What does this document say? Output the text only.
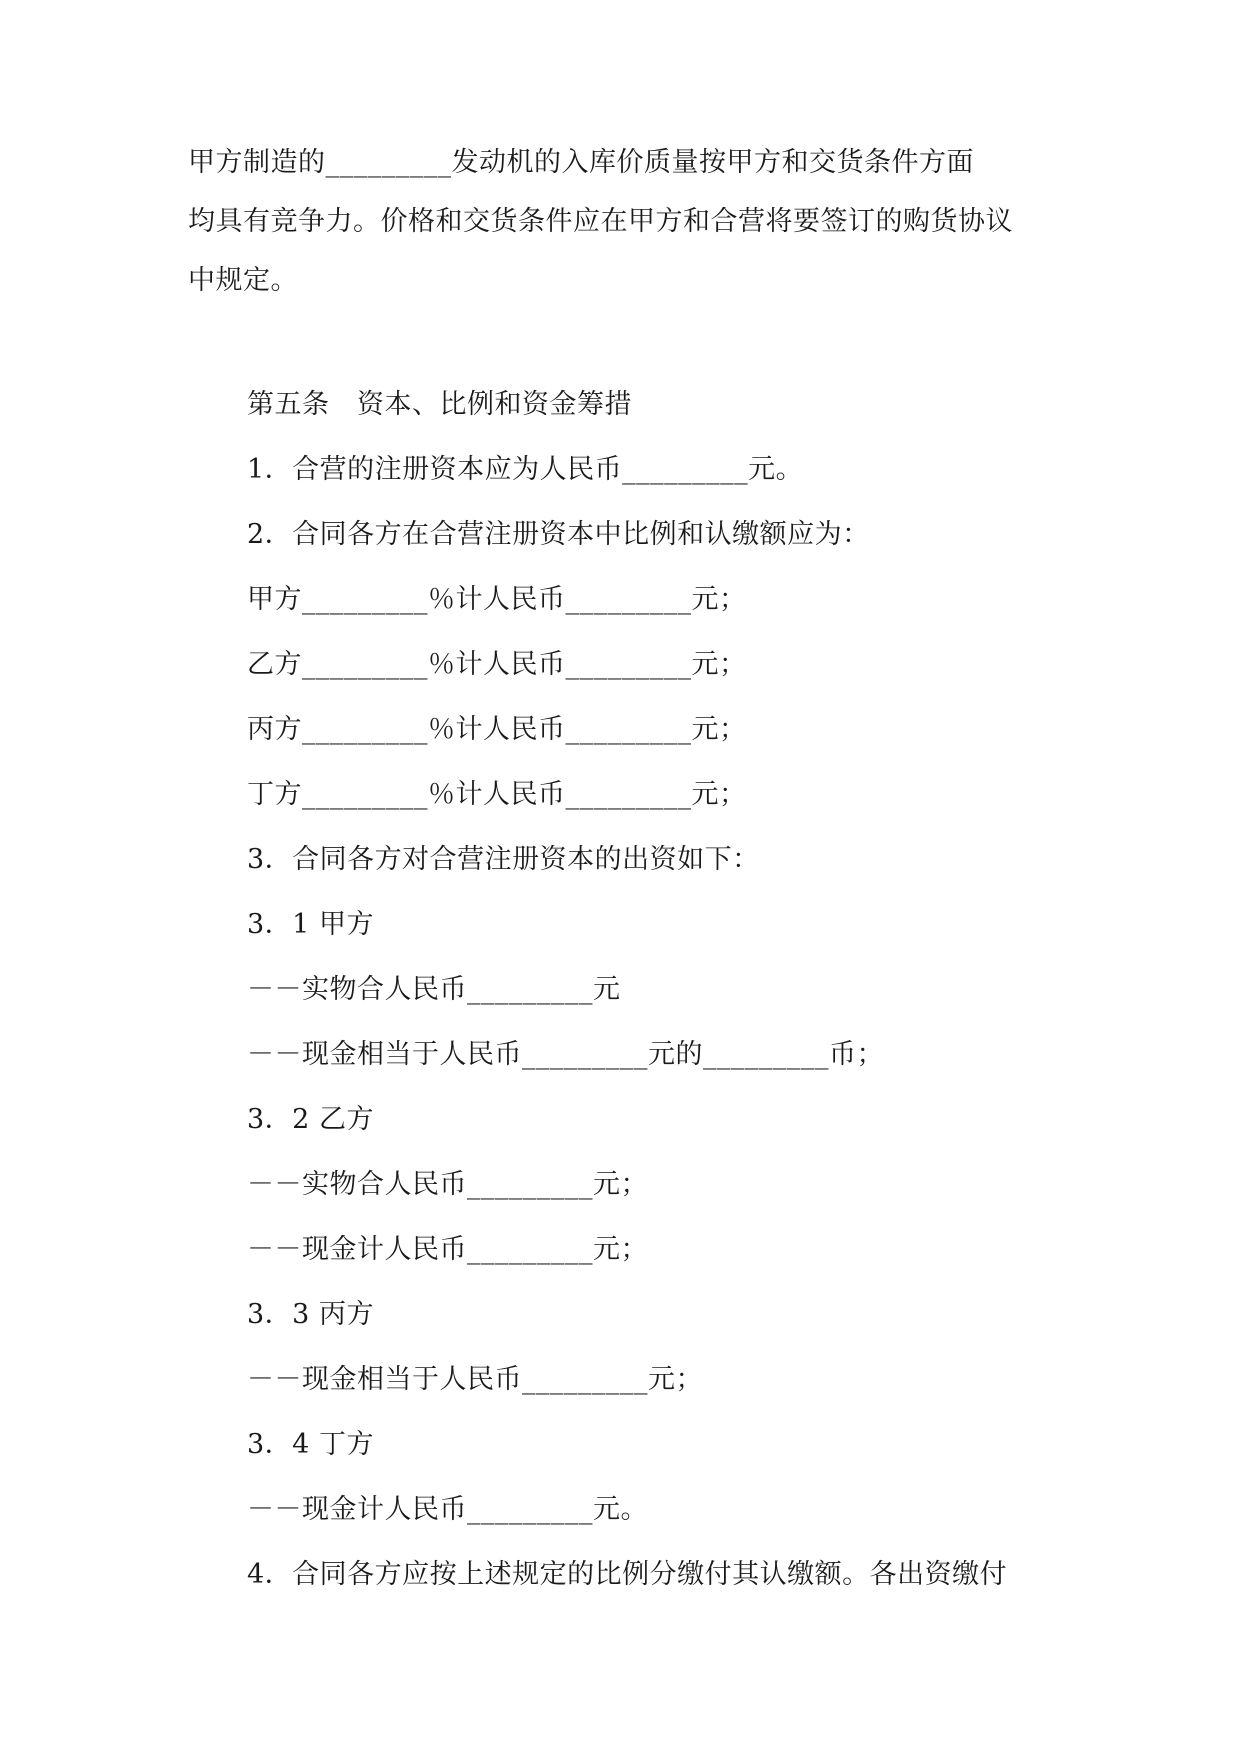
甲方制造的_________发动机的入库价质量按甲方和交货条件方面
均具有竞争力。价格和交货条件应在甲方和合营将要签订的购货协议
中规定。
第五条　资本、比例和资金筹措
1．合营的注册资本应为人民币_________元。
2．合同各方在合营注册资本中比例和认缴额应为：
甲方_________％计人民币_________元；
乙方_________％计人民币_________元；
丙方_________％计人民币_________元；
丁方_________％计人民币_________元；
3．合同各方对合营注册资本的出资如下：
3．1 甲方
－－实物合人民币_________元
－－现金相当于人民币_________元的_________币；
3．2 乙方
－－实物合人民币_________元；
－－现金计人民币_________元；
3．3 丙方
－－现金相当于人民币_________元；
3．4 丁方
－－现金计人民币_________元。
4．合同各方应按上述规定的比例分缴付其认缴额。各出资缴付
